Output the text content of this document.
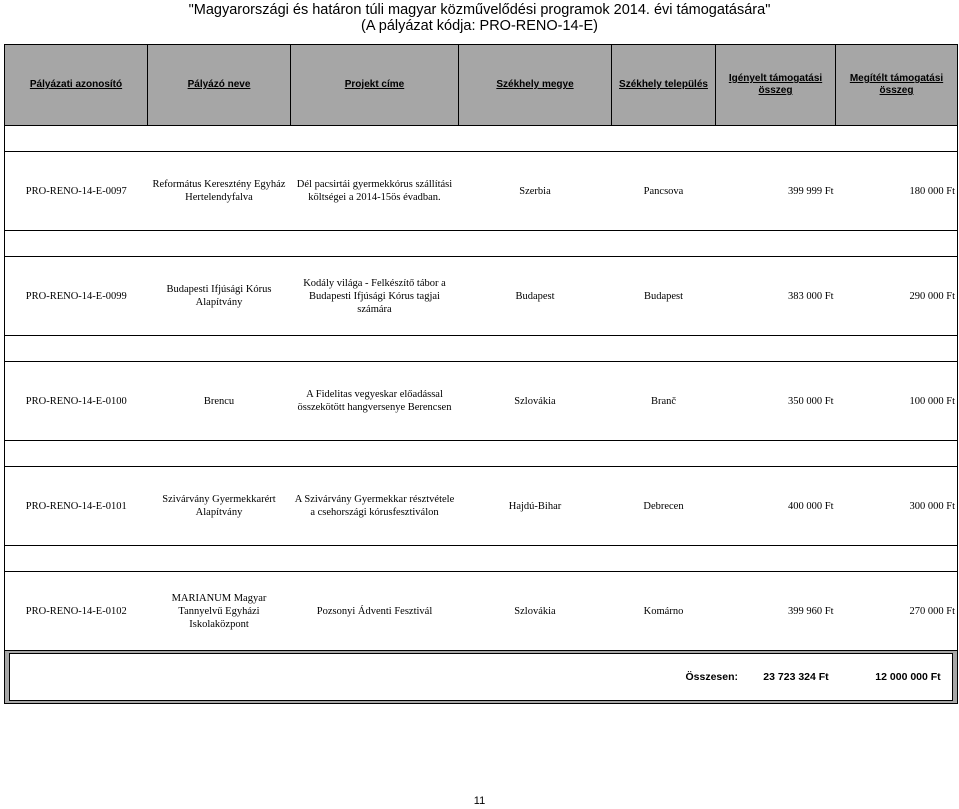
"Magyarországi és határon túli magyar közművelődési programok 2014. évi támogatására"
(A pályázat kódja: PRO-RENO-14-E)
Pályázati azonosító	Pályázó neve	Projekt címe	Székhely megye	Székhely település	Igényelt támogatási összeg	Megítélt támogatási összeg

PRO-RENO-14-E-0097	Református Keresztény Egyház Hertelendyfalva	Dél pacsirtái gyermekkórus szállítási költségei a 2014-15ös évadban.	Szerbia	Pancsova	399 999 Ft	180 000 Ft

PRO-RENO-14-E-0099	Budapesti Ifjúsági Kórus Alapítvány	Kodály világa - Felkészítő tábor a Budapesti Ifjúsági Kórus tagjai számára	Budapest	Budapest	383 000 Ft	290 000 Ft

PRO-RENO-14-E-0100	Brencu	A Fidelitas vegyeskar előadással összekötött hangversenye Berencsen	Szlovákia	Branč	350 000 Ft	100 000 Ft

PRO-RENO-14-E-0101	Szivárvány Gyermekkarért Alapítvány	A Szivárvány Gyermekkar résztvétele a csehországi kórusfesztiválon	Hajdú-Bihar	Debrecen	400 000 Ft	300 000 Ft

PRO-RENO-14-E-0102	MARIANUM Magyar Tannyelvű Egyházi Iskolaközpont	Pozsonyi Ádventi Fesztivál	Szlovákia	Komárno	399 960 Ft	270 000 Ft

Összesen: 23 723 324 Ft 12 000 000 Ft						
11
